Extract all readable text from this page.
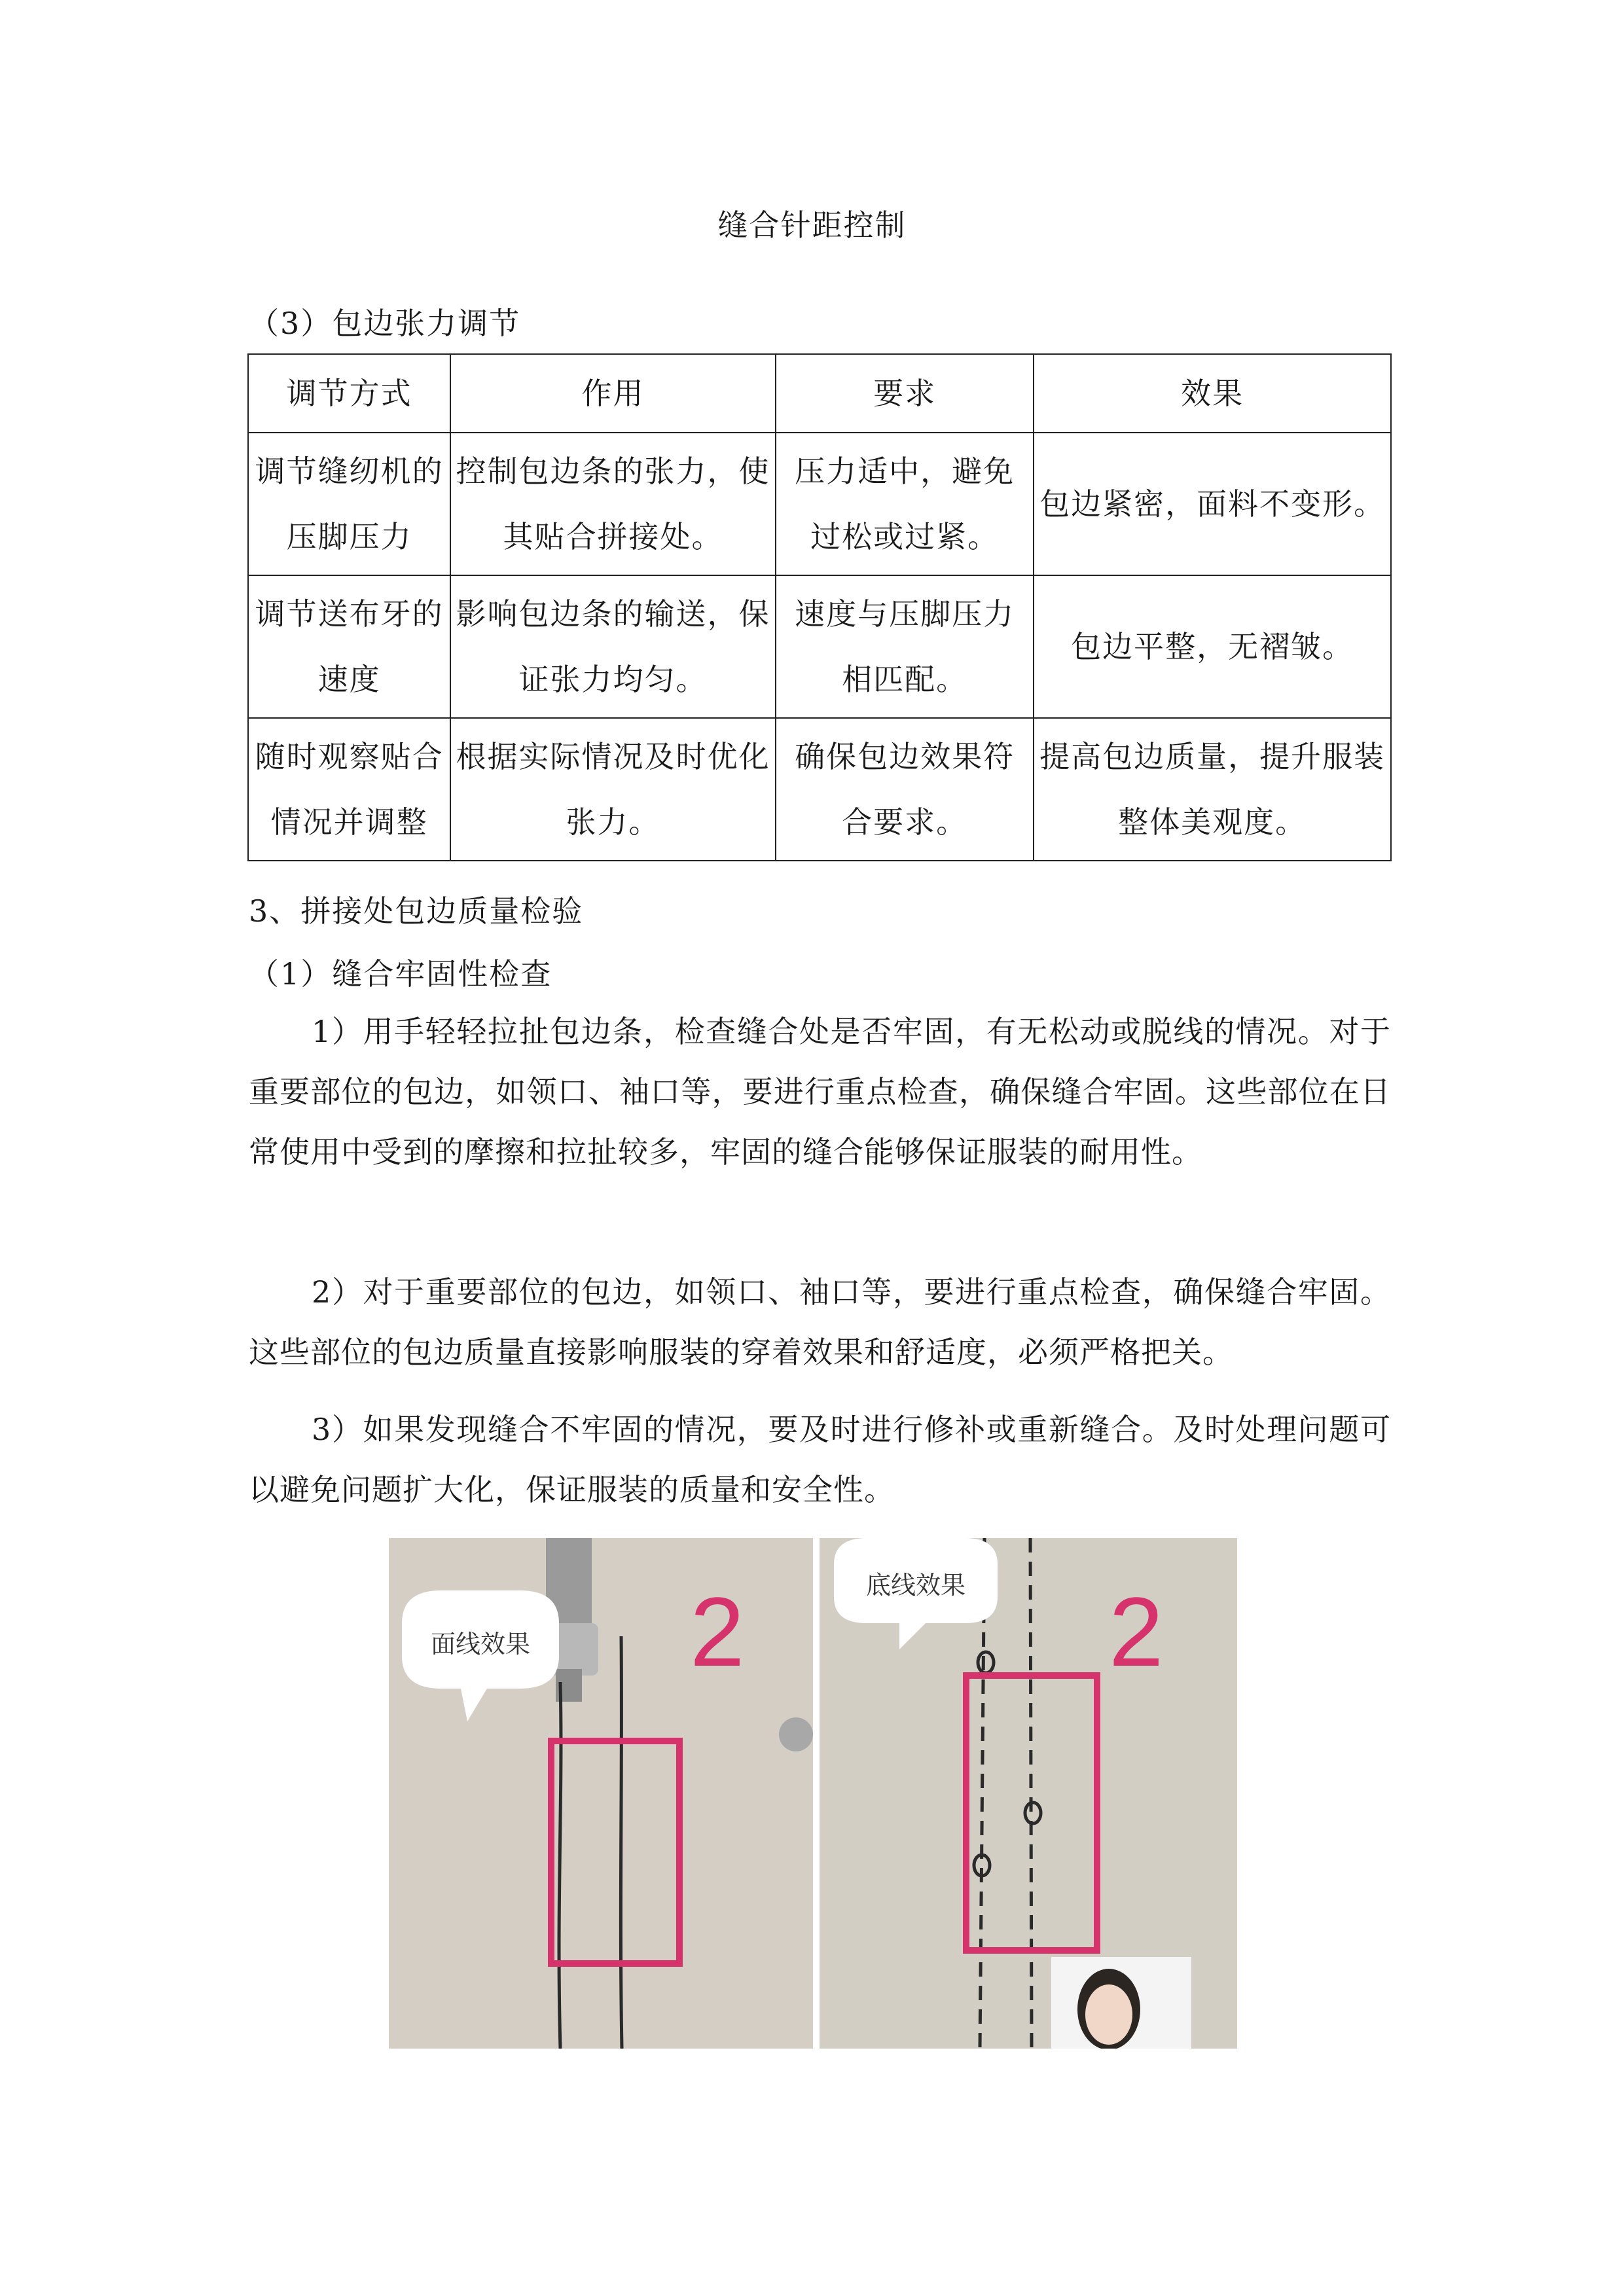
缝合针距控制
（3）包边张力调节
调节方式	作用	要求	效果
调节缝纫机的压脚压力	控制包边条的张力，使其贴合拼接处。	压力适中，避免过松或过紧。	包边紧密，面料不变形。
调节送布牙的速度	影响包边条的输送，保证张力均匀。	速度与压脚压力相匹配。	包边平整，无褶皱。
随时观察贴合情况并调整	根据实际情况及时优化张力。	确保包边效果符合要求。	提高包边质量，提升服装整体美观度。
3、拼接处包边质量检验
（1）缝合牢固性检查
1）用手轻轻拉扯包边条，检查缝合处是否牢固，有无松动或脱线的情况。对于重要部位的包边，如领口、袖口等，要进行重点检查，确保缝合牢固。这些部位在日常使用中受到的摩擦和拉扯较多，牢固的缝合能够保证服装的耐用性。
2）对于重要部位的包边，如领口、袖口等，要进行重点检查，确保缝合牢固。这些部位的包边质量直接影响服装的穿着效果和舒适度，必须严格把关。
3）如果发现缝合不牢固的情况，要及时进行修补或重新缝合。及时处理问题可以避免问题扩大化，保证服装的质量和安全性。
面线效果 2	底线效果 2
